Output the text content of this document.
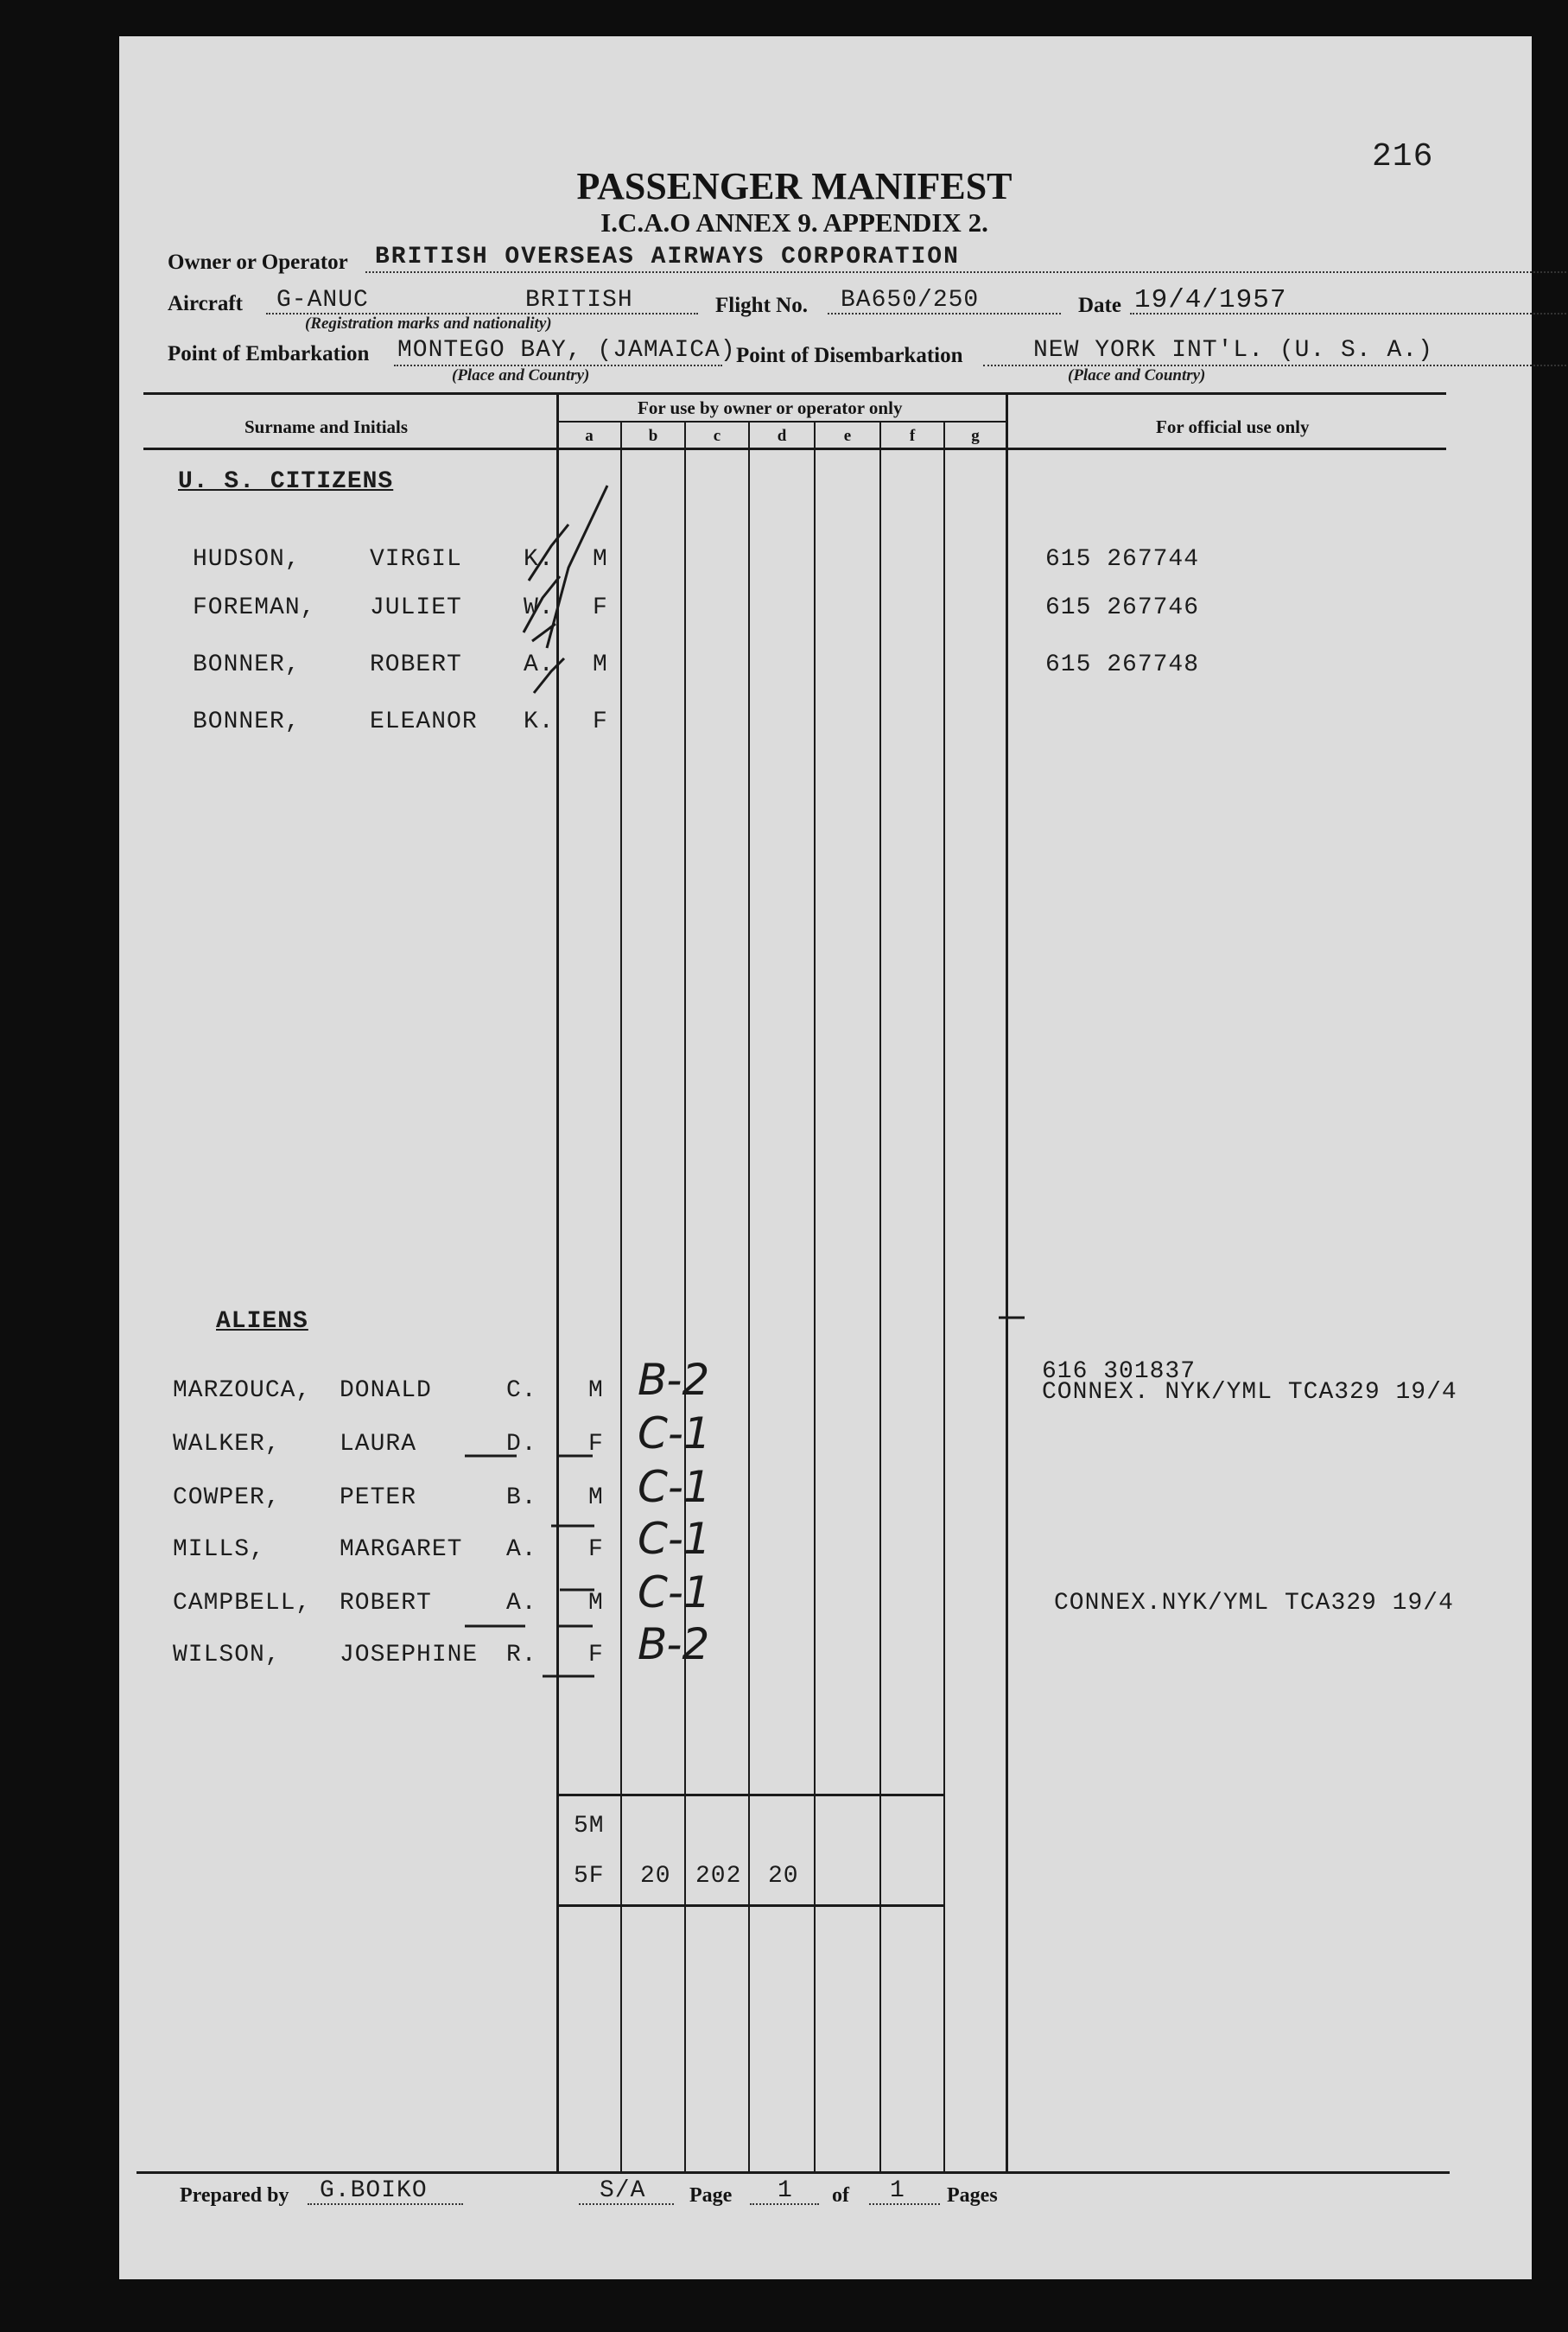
216
PASSENGER MANIFEST
I.C.A.O ANNEX 9. APPENDIX 2.
Owner or Operator BRITISH OVERSEAS AIRWAYS CORPORATION
Aircraft G-ANUC	BRITISH
(Registration marks and nationality)
Flight No. BA650/250	Date 19/4/1957
Point of Embarkation MONTEGO BAY, (JAMAICA)
(Place and Country)
Point of Disembarkation	NEW YORK INT'L. (U. S. A.)
(Place and Country)
Surname and Initials
For use by owner or operator only
For official use only
a	b	c	d	e	f	g
U. S. CITIZENS
ALIENS
HUDSON,	VIRGIL	K. M	615 267744
FOREMAN, JULIET	W. F	615 267746
BONNER,	ROBERT	A. M	615 267748
BONNER,	ELEANOR K. F
MARZOUCA, DONALD	C. M B-2	616 301837
CONNEX. NYK/YML TCA329 19/4
WALKER, LAURA	D. F C-1
COWPER, PETER	B. M C-1
MILLS,	MARGARET A. F C-1
CAMPBELL, ROBERT	A. M C-1	CONNEX.NYK/YML TCA329 19/4
WILSON, JOSEPHINE R. F B-2
5M
5F 20 202 20
Prepared by G.BOIKO	S/A Page 1 of 1 Pages
